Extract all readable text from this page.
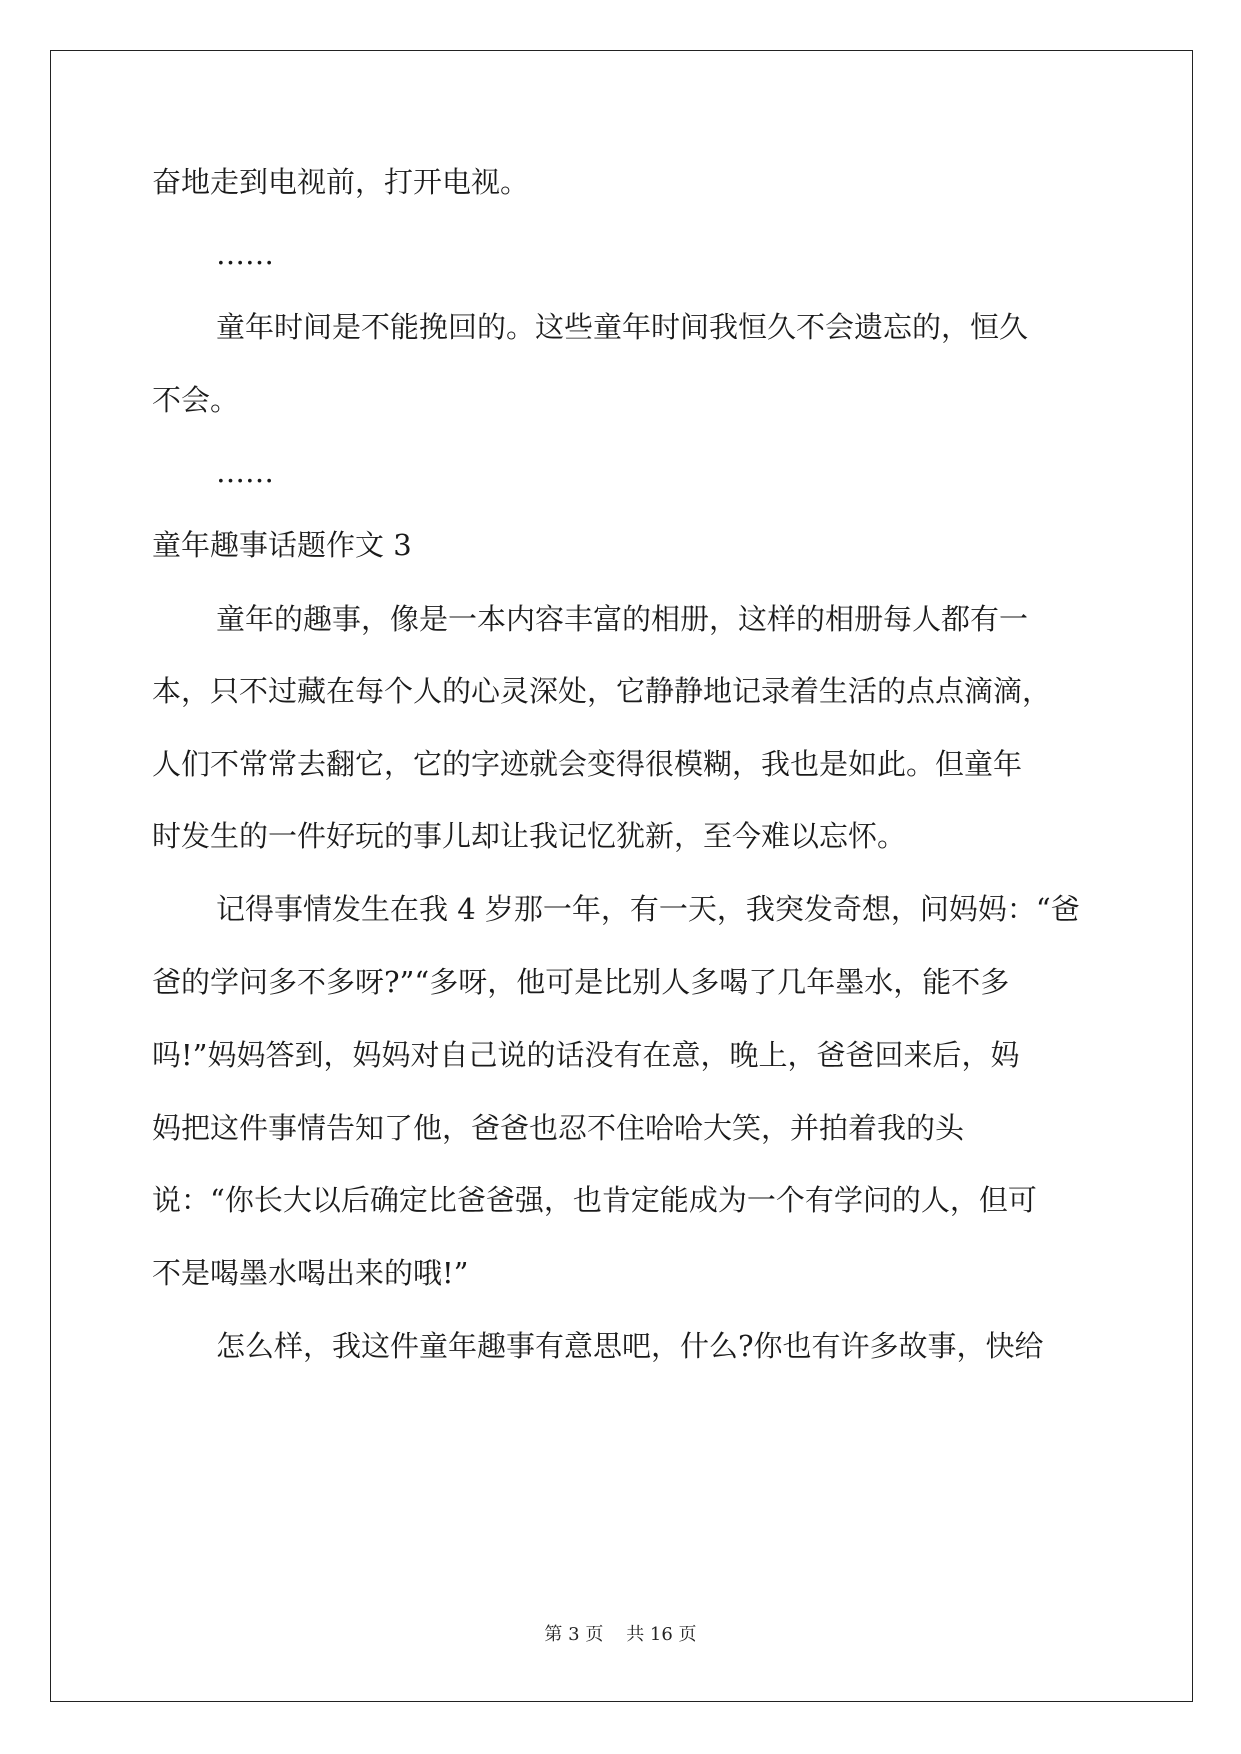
奋地走到电视前，打开电视。
……
童年时间是不能挽回的。这些童年时间我恒久不会遗忘的，恒久
不会。
……
童年趣事话题作文 3
童年的趣事，像是一本内容丰富的相册，这样的相册每人都有一
本，只不过藏在每个人的心灵深处，它静静地记录着生活的点点滴滴，
人们不常常去翻它，它的字迹就会变得很模糊，我也是如此。但童年
时发生的一件好玩的事儿却让我记忆犹新，至今难以忘怀。
记得事情发生在我 4 岁那一年，有一天，我突发奇想，问妈妈：“爸
爸的学问多不多呀?”“多呀，他可是比别人多喝了几年墨水，能不多
吗!”妈妈答到，妈妈对自己说的话没有在意，晚上，爸爸回来后，妈
妈把这件事情告知了他，爸爸也忍不住哈哈大笑，并拍着我的头
说：“你长大以后确定比爸爸强，也肯定能成为一个有学问的人，但可
不是喝墨水喝出来的哦!”
怎么样，我这件童年趣事有意思吧，什么?你也有许多故事，快给
第 3 页    共 16 页
